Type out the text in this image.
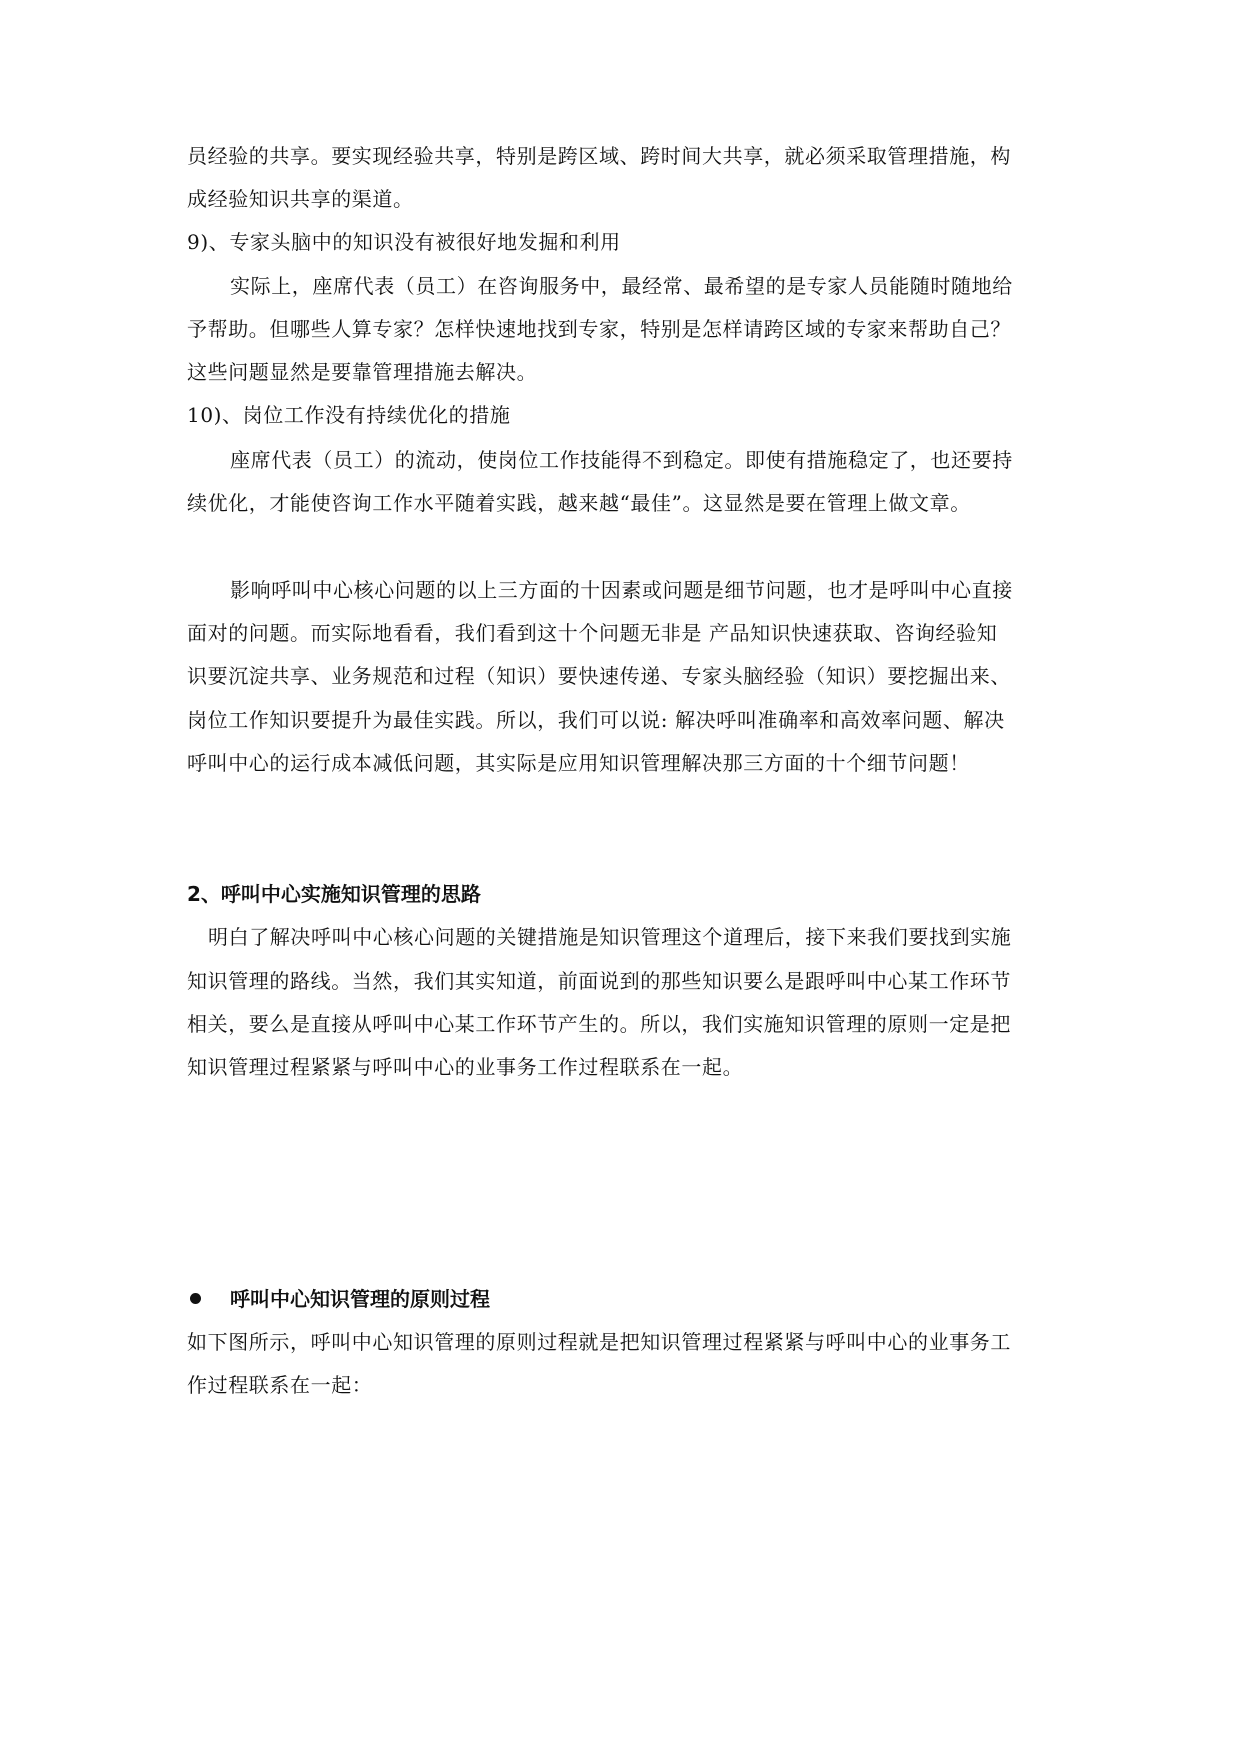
员经验的共享。要实现经验共享，特别是跨区域、跨时间大共享，就必须采取管理措施，构
成经验知识共享的渠道。
9)、专家头脑中的知识没有被很好地发掘和利用
实际上，座席代表（员工）在咨询服务中，最经常、最希望的是专家人员能随时随地给
予帮助。但哪些人算专家？怎样快速地找到专家，特别是怎样请跨区域的专家来帮助自己？
这些问题显然是要靠管理措施去解决。
10)、岗位工作没有持续优化的措施
座席代表（员工）的流动，使岗位工作技能得不到稳定。即使有措施稳定了，也还要持
续优化，才能使咨询工作水平随着实践，越来越“最佳”。这显然是要在管理上做文章。
影响呼叫中心核心问题的以上三方面的十因素或问题是细节问题，也才是呼叫中心直接
面对的问题。而实际地看看，我们看到这十个问题无非是 产品知识快速获取、咨询经验知
识要沉淀共享、业务规范和过程（知识）要快速传递、专家头脑经验（知识）要挖掘出来、
岗位工作知识要提升为最佳实践。所以，我们可以说: 解决呼叫准确率和高效率问题、解决
呼叫中心的运行成本减低问题，其实际是应用知识管理解决那三方面的十个细节问题！
2、呼叫中心实施知识管理的思路
明白了解决呼叫中心核心问题的关键措施是知识管理这个道理后，接下来我们要找到实施
知识管理的路线。当然，我们其实知道，前面说到的那些知识要么是跟呼叫中心某工作环节
相关，要么是直接从呼叫中心某工作环节产生的。所以，我们实施知识管理的原则一定是把
知识管理过程紧紧与呼叫中心的业事务工作过程联系在一起。
呼叫中心知识管理的原则过程
如下图所示，呼叫中心知识管理的原则过程就是把知识管理过程紧紧与呼叫中心的业事务工
作过程联系在一起：
